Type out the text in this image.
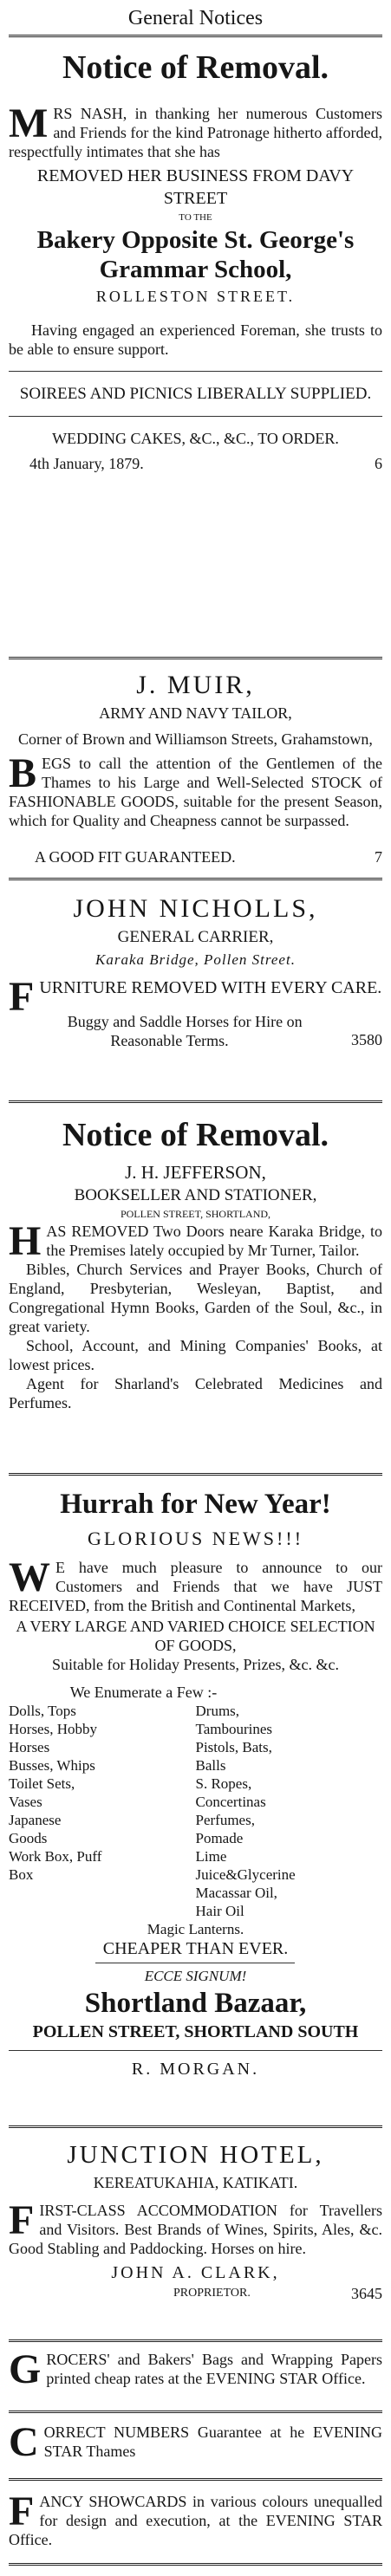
General Notices
Notice of Removal.
MRS NASH, in thanking her numerous Customers and Friends for the kind Patronage hitherto afforded, respectfully intimates that she has
REMOVED HER BUSINESS FROM DAVY STREET
TO THE
Bakery Opposite St. George's Grammar School,
ROLLESTON STREET.
Having engaged an experienced Foreman, she trusts to be able to ensure support.
SOIREES AND PICNICS LIBERALLY SUPPLIED.
WEDDING CAKES, &C., &C., TO ORDER.
4th January, 1879.	6
J. MUIR,
ARMY AND NAVY TAILOR,
Corner of Brown and Williamson Streets, Grahamstown,
BEGS to call the attention of the Gentlemen of the Thames to his Large and Well-Selected STOCK of FASHIONABLE GOODS, suitable for the present Season, which for Quality and Cheapness cannot be surpassed.
A GOOD FIT GUARANTEED.	7
JOHN NICHOLLS,
GENERAL CARRIER,
Karaka Bridge, Pollen Street.
FURNITURE REMOVED WITH EVERY CARE.
Buggy and Saddle Horses for Hire on Reasonable Terms.	3580
Notice of Removal.
J. H. JEFFERSON,
BOOKSELLER AND STATIONER,
POLLEN STREET, SHORTLAND,
HAS REMOVED Two Doors neare Karaka Bridge, to the Premises lately occupied by Mr Turner, Tailor.
Bibles, Church Services and Prayer Books, Church of England, Presbyterian, Wesleyan, Baptist, and Congregational Hymn Books, Garden of the Soul, &c., in great variety.
School, Account, and Mining Companies' Books, at lowest prices.
Agent for Sharland's Celebrated Medicines and Perfumes.
Hurrah for New Year!
GLORIOUS NEWS!!!
W E have much pleasure to announce to our Customers and Friends that we have JUST RECEIVED, from the British and Continental Markets,
A VERY LARGE AND VARIED CHOICE SELECTION OF GOODS,
Suitable for Holiday Presents, Prizes, &c. &c.
We Enumerate a Few :-
Dolls, Tops
Horses, Hobby Horses
Busses, Whips
Toilet Sets, Vases
Japanese Goods
Work Box, Puff Box
Drums, Tambourines
Pistols, Bats, Balls
S. Ropes, Concertinas
Perfumes, Pomade
Lime Juice&Glycerine
Macassar Oil, Hair Oil
Magic Lanterns.
CHEAPER THAN EVER.
ECCE SIGNUM!
Shortland Bazaar,
POLLEN STREET, SHORTLAND SOUTH
R. MORGAN.
JUNCTION HOTEL,
KEREATUKAHIA, KATIKATI.
FIRST-CLASS ACCOMMODATION for Travellers and Visitors. Best Brands of Wines, Spirits, Ales, &c. Good Stabling and Paddocking. Horses on hire.
JOHN A. CLARK,
PROPRIETOR.	3645
GROCERS' and Bakers' Bags and Wrapping Papers printed cheap rates at the EVENING STAR Office.
CORRECT NUMBERS Guarantee at he EVENING STAR Thames
FANCY SHOWCARDS in various colours unequalled for design and execution, at the EVENING STAR Office.
